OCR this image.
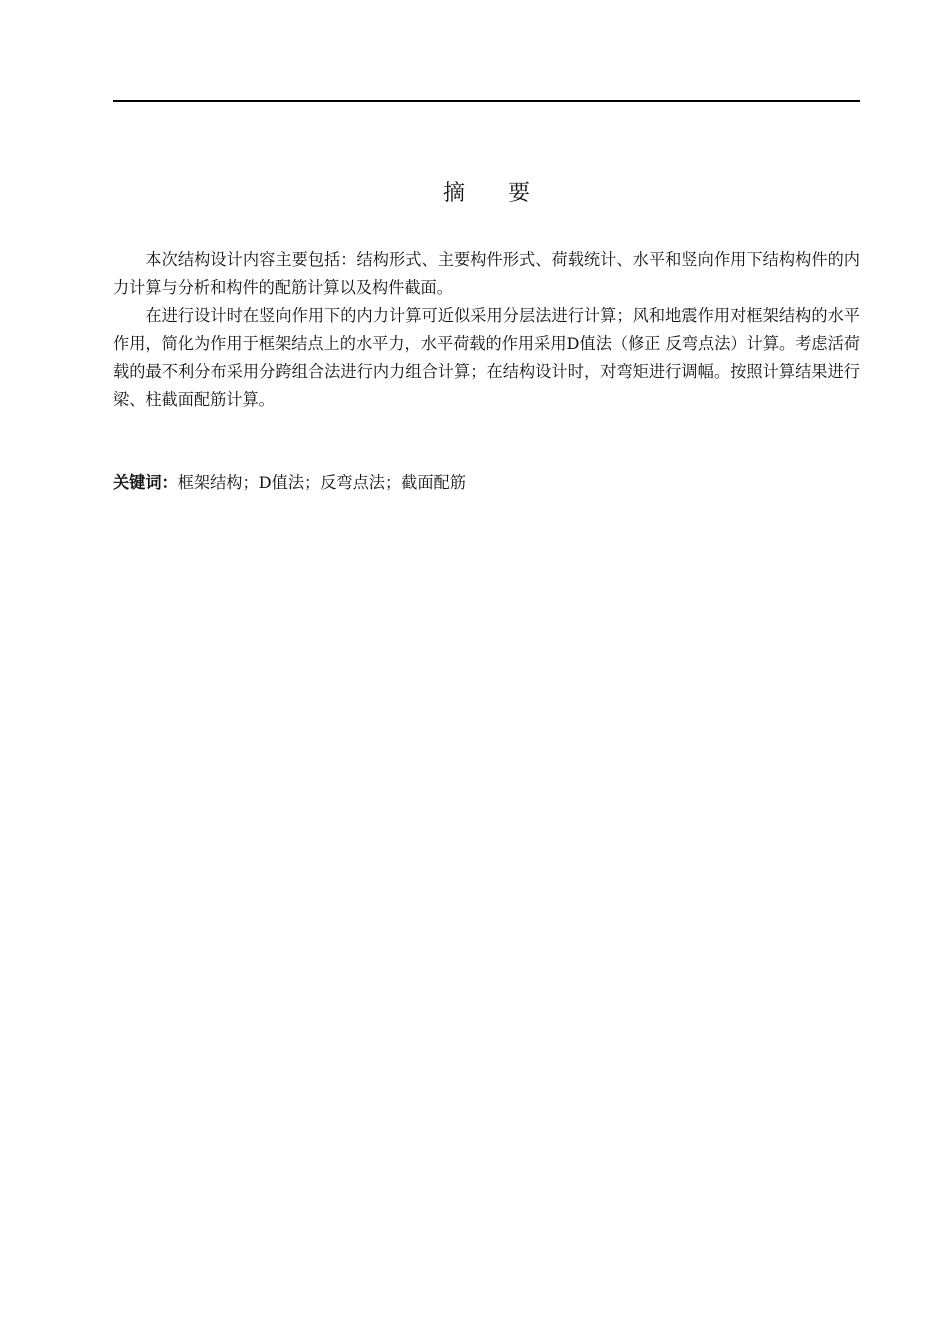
摘 要

本次结构设计内容主要包括：结构形式、主要构件形式、荷载统计、水平和竖向作用下结构构件的内力计算与分析和构件的配筋计算以及构件截面。

在进行设计时在竖向作用下的内力计算可近似采用分层法进行计算；风和地震作用对框架结构的水平作用，简化为作用于框架结点上的水平力，水平荷载的作用采用D值法（修正 反弯点法）计算。考虑活荷载的最不利分布采用分跨组合法进行内力组合计算；在结构设计时，对弯矩进行调幅。按照计算结果进行梁、柱截面配筋计算。

关键词：框架结构；D值法；反弯点法；截面配筋
